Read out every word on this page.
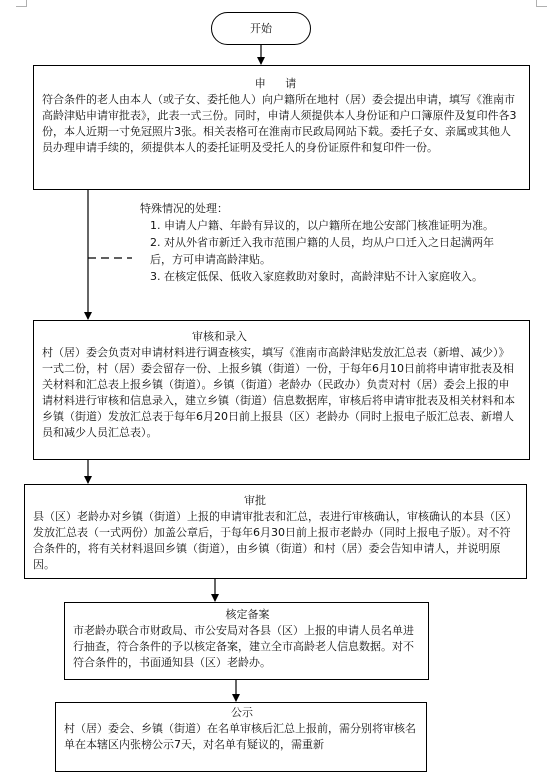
开始
申 请
符合条件的老人由本人（或子女、委托他人）向户籍所在地村（居）委会提出申请，填写《淮南市高龄津贴申请审批表》，此表一式三份。同时，申请人须提供本人身份证和户口簿原件及复印件各3份，本人近期一寸免冠照片3张。相关表格可在淮南市民政局网站下载。委托子女、亲属或其他人员办理申请手续的，须提供本人的委托证明及受托人的身份证原件和复印件一份。
特殊情况的处理：
1. 申请人户籍、年龄有异议的，以户籍所在地公安部门核准证明为准。
2. 对从外省市新迁入我市范围户籍的人员，均从户口迁入之日起满两年
后，方可申请高龄津贴。
3. 在核定低保、低收入家庭救助对象时，高龄津贴不计入家庭收入。
审核和录入
村（居）委会负责对申请材料进行调查核实，填写《淮南市高龄津贴发放汇总表（新增、减少）》一式二份，村（居）委会留存一份、上报乡镇（街道）一份，于每年6月10日前将申请审批表及相关材料和汇总表上报乡镇（街道）。乡镇（街道）老龄办（民政办）负责对村（居）委会上报的申请材料进行审核和信息录入，建立乡镇（街道）信息数据库，审核后将申请审批表及相关材料和本乡镇（街道）发放汇总表于每年6月20日前上报县（区）老龄办（同时上报电子版汇总表、新增人员和减少人员汇总表）。
审批
县（区）老龄办对乡镇（街道）上报的申请审批表和汇总，表进行审核确认，审核确认的本县（区）发放汇总表（一式两份）加盖公章后，于每年6月30日前上报市老龄办（同时上报电子版）。对不符合条件的，将有关材料退回乡镇（街道），由乡镇（街道）和村（居）委会告知申请人，并说明原因。
核定备案
市老龄办联合市财政局、市公安局对各县（区）上报的申请人员名单进行抽查，符合条件的予以核定备案，建立全市高龄老人信息数据。对不符合条件的，书面通知县（区）老龄办。
公示
村（居）委会、乡镇（街道）在名单审核后汇总上报前，需分别将审核名单在本辖区内张榜公示7天，对名单有疑议的，需重新
